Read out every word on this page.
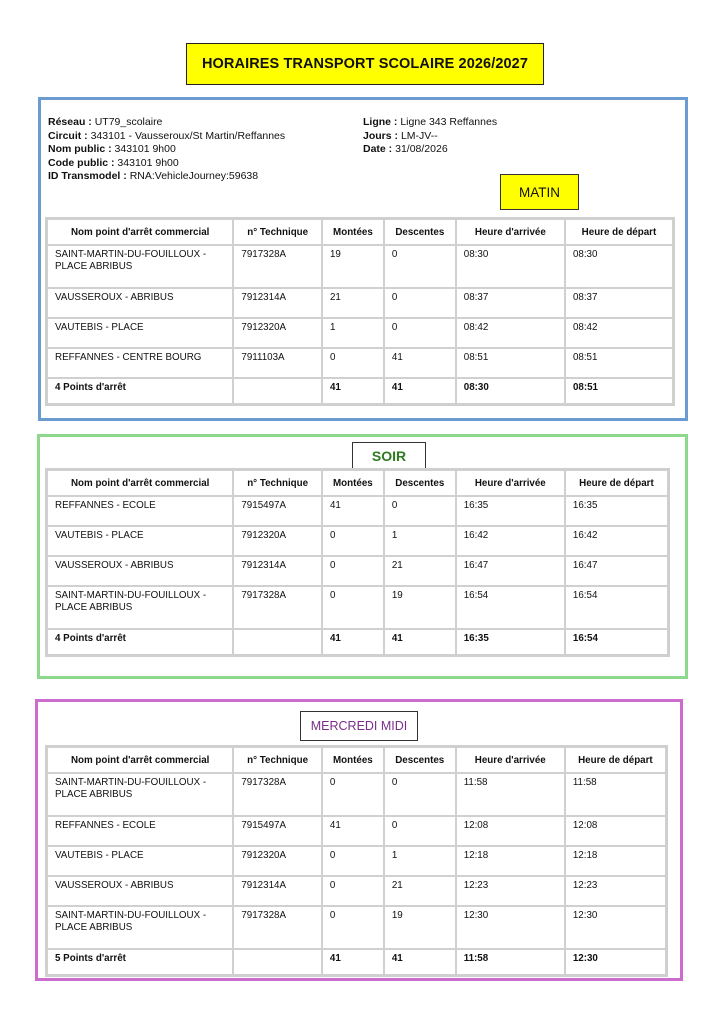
HORAIRES TRANSPORT SCOLAIRE 2026/2027
Réseau : UT79_scolaire
Circuit : 343101 - Vausseroux/St Martin/Reffannes
Nom public : 343101 9h00
Code public : 343101 9h00
ID Transmodel : RNA:VehicleJourney:59638
Ligne : Ligne 343 Reffannes
Jours : LM-JV--
Date : 31/08/2026
MATIN
SOIR
MERCREDI MIDI
Nom point d'arrêt commercial	n° Technique	Montées	Descentes	Heure d'arrivée	Heure de départ
SAINT-MARTIN-DU-FOUILLOUX - PLACE ABRIBUS	7917328A	19	0	08:30	08:30
VAUSSEROUX - ABRIBUS	7912314A	21	0	08:37	08:37
VAUTEBIS - PLACE	7912320A	1	0	08:42	08:42
REFFANNES - CENTRE BOURG	7911103A	0	41	08:51	08:51
4 Points d'arrêt		41	41	08:30	08:51
Nom point d'arrêt commercial	n° Technique	Montées	Descentes	Heure d'arrivée	Heure de départ
REFFANNES - ECOLE	7915497A	41	0	16:35	16:35
VAUTEBIS - PLACE	7912320A	0	1	16:42	16:42
VAUSSEROUX - ABRIBUS	7912314A	0	21	16:47	16:47
SAINT-MARTIN-DU-FOUILLOUX - PLACE ABRIBUS	7917328A	0	19	16:54	16:54
4 Points d'arrêt		41	41	16:35	16:54
Nom point d'arrêt commercial	n° Technique	Montées	Descentes	Heure d'arrivée	Heure de départ
SAINT-MARTIN-DU-FOUILLOUX - PLACE ABRIBUS	7917328A	0	0	11:58	11:58
REFFANNES - ECOLE	7915497A	41	0	12:08	12:08
VAUTEBIS - PLACE	7912320A	0	1	12:18	12:18
VAUSSEROUX - ABRIBUS	7912314A	0	21	12:23	12:23
SAINT-MARTIN-DU-FOUILLOUX - PLACE ABRIBUS	7917328A	0	19	12:30	12:30
5 Points d'arrêt		41	41	11:58	12:30
